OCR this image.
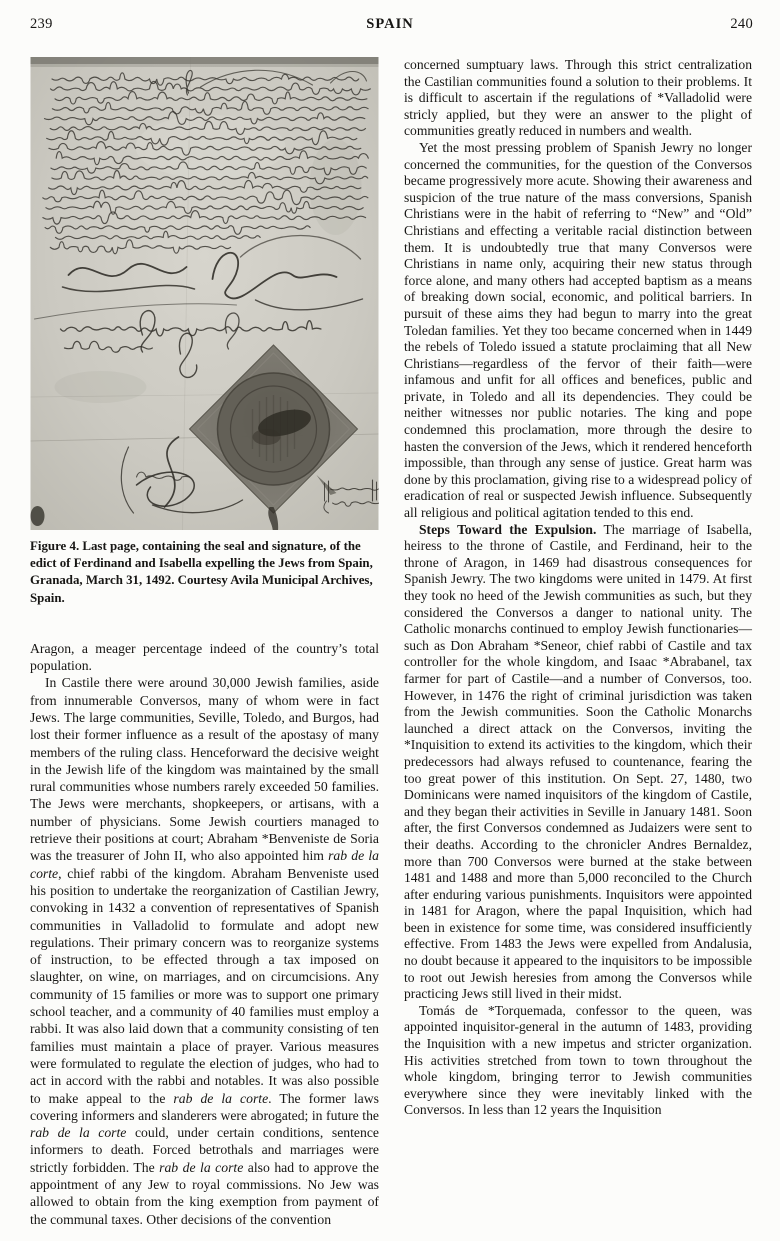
239	SPAIN	240
Figure 4. Last page, containing the seal and signature, of the edict of Ferdinand and Isabella expelling the Jews from Spain, Granada, March 31, 1492. Courtesy Avila Municipal Archives, Spain.

Aragon, a meager percentage indeed of the country’s total population.

In Castile there were around 30,000 Jewish families, aside from innumerable Conversos, many of whom were in fact Jews. The large communities, Seville, Toledo, and Burgos, had lost their former influence as a result of the apostasy of many members of the ruling class. Henceforward the decisive weight in the Jewish life of the kingdom was maintained by the small rural communities whose numbers rarely exceeded 50 families. The Jews were merchants, shopkeepers, or artisans, with a number of physicians. Some Jewish courtiers managed to retrieve their positions at court; Abraham *Benveniste de Soria was the treasurer of John II, who also appointed him rab de la corte, chief rabbi of the kingdom. Abraham Benveniste used his position to undertake the reorganization of Castilian Jewry, convoking in 1432 a convention of representatives of Spanish communities in Valladolid to formulate and adopt new regulations. Their primary concern was to reorganize systems of instruction, to be effected through a tax imposed on slaughter, on wine, on marriages, and on circumcisions. Any community of 15 families or more was to support one primary school teacher, and a community of 40 families must employ a rabbi. It was also laid down that a community consisting of ten families must maintain a place of prayer. Various measures were formulated to regulate the election of judges, who had to act in accord with the rabbi and notables. It was also possible to make appeal to the rab de la corte. The former laws covering informers and slanderers were abrogated; in future the rab de la corte could, under certain conditions, sentence informers to death. Forced betrothals and marriages were strictly forbidden. The rab de la corte also had to approve the appointment of any Jew to royal commissions. No Jew was allowed to obtain from the king exemption from payment of the communal taxes. Other decisions of the convention

concerned sumptuary laws. Through this strict centralization the Castilian communities found a solution to their problems. It is difficult to ascertain if the regulations of *Valladolid were stricly applied, but they were an answer to the plight of communities greatly reduced in numbers and wealth.

Yet the most pressing problem of Spanish Jewry no longer concerned the communities, for the question of the Conversos became progressively more acute. Showing their awareness and suspicion of the true nature of the mass conversions, Spanish Christians were in the habit of referring to “New” and “Old” Christians and effecting a veritable racial distinction between them. It is undoubtedly true that many Conversos were Christians in name only, acquiring their new status through force alone, and many others had accepted baptism as a means of breaking down social, economic, and political barriers. In pursuit of these aims they had begun to marry into the great Toledan families. Yet they too became concerned when in 1449 the rebels of Toledo issued a statute proclaiming that all New Christians—regardless of the fervor of their faith—were infamous and unfit for all offices and benefices, public and private, in Toledo and all its dependencies. They could be neither witnesses nor public notaries. The king and pope condemned this proclamation, more through the desire to hasten the conversion of the Jews, which it rendered henceforth impossible, than through any sense of justice. Great harm was done by this proclamation, giving rise to a widespread policy of eradication of real or suspected Jewish influence. Subsequently all religious and political agitation tended to this end.

Steps Toward the Expulsion. The marriage of Isabella, heiress to the throne of Castile, and Ferdinand, heir to the throne of Aragon, in 1469 had disastrous consequences for Spanish Jewry. The two kingdoms were united in 1479. At first they took no heed of the Jewish communities as such, but they considered the Conversos a danger to national unity. The Catholic monarchs continued to employ Jewish functionaries—such as Don Abraham *Seneor, chief rabbi of Castile and tax controller for the whole kingdom, and Isaac *Abrabanel, tax farmer for part of Castile—and a number of Conversos, too. However, in 1476 the right of criminal jurisdiction was taken from the Jewish communities. Soon the Catholic Monarchs launched a direct attack on the Conversos, inviting the *Inquisition to extend its activities to the kingdom, which their predecessors had always refused to countenance, fearing the too great power of this institution. On Sept. 27, 1480, two Dominicans were named inquisitors of the kingdom of Castile, and they began their activities in Seville in January 1481. Soon after, the first Conversos condemned as Judaizers were sent to their deaths. According to the chronicler Andres Bernaldez, more than 700 Conversos were burned at the stake between 1481 and 1488 and more than 5,000 reconciled to the Church after enduring various punishments. Inquisitors were appointed in 1481 for Aragon, where the papal Inquisition, which had been in existence for some time, was considered insufficiently effective. From 1483 the Jews were expelled from Andalusia, no doubt because it appeared to the inquisitors to be impossible to root out Jewish heresies from among the Conversos while practicing Jews still lived in their midst.

Tomás de *Torquemada, confessor to the queen, was appointed inquisitor-general in the autumn of 1483, providing the Inquisition with a new impetus and stricter organization. His activities stretched from town to town throughout the whole kingdom, bringing terror to Jewish communities everywhere since they were inevitably linked with the Conversos. In less than 12 years the Inquisition
